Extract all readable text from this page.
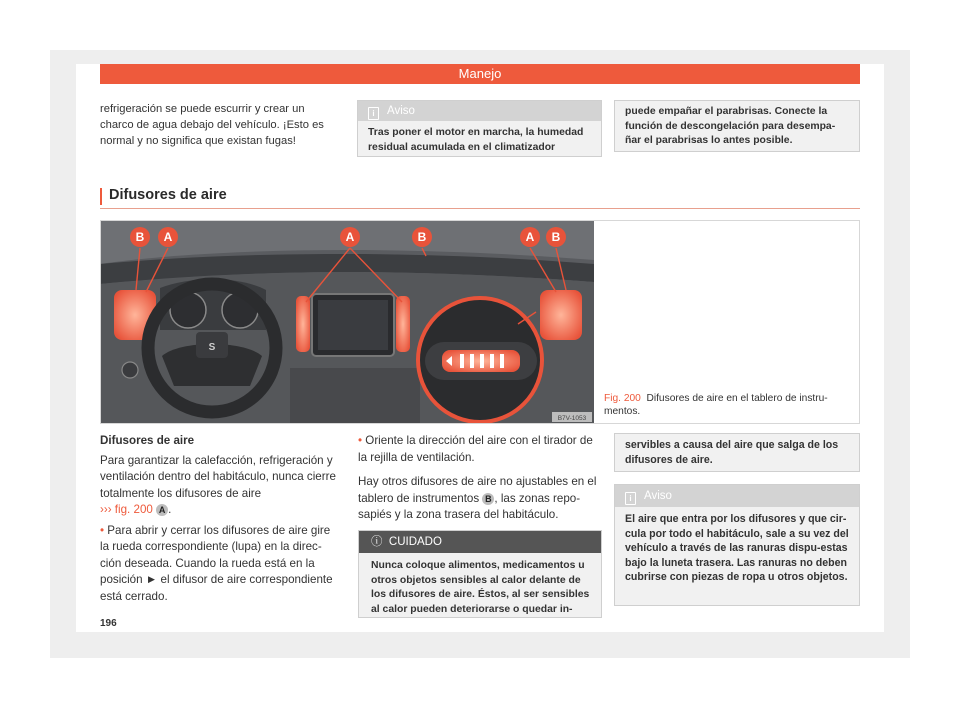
Manejo
refrigeración se puede escurrir y crear un charco de agua debajo del vehículo. ¡Esto es normal y no significa que existan fugas!
i Aviso
Tras poner el motor en marcha, la humedad residual acumulada en el climatizador
puede empañar el parabrisas. Conecte la función de descongelación para desempa-ñar el parabrisas lo antes posible.
Difusores de aire
S
B A	A	B	A B
B7V-1053
Fig. 200 Difusores de aire en el tablero de instru-mentos.
Difusores de aire
Para garantizar la calefacción, refrigeración y ventilación dentro del habitáculo, nunca cierre totalmente los difusores de aire
››› fig. 200 A .
• Para abrir y cerrar los difusores de aire gire la rueda correspondiente (lupa) en la direc-ción deseada. Cuando la rueda está en la posición ► el difusor de aire correspondiente está cerrado.
• Oriente la dirección del aire con el tirador de la rejilla de ventilación.
Hay otros difusores de aire no ajustables en el tablero de instrumentos B , las zonas repo-sapiés y la zona trasera del habitáculo.
ⓘ CUIDADO
Nunca coloque alimentos, medicamentos u otros objetos sensibles al calor delante de los difusores de aire. Éstos, al ser sensibles al calor pueden deteriorarse o quedar in-
servibles a causa del aire que salga de los difusores de aire.
i Aviso
El aire que entra por los difusores y que cir-cula por todo el habitáculo, sale a su vez del vehículo a través de las ranuras dispu-estas bajo la luneta trasera. Las ranuras no deben cubrirse con piezas de ropa u otros objetos.
196
